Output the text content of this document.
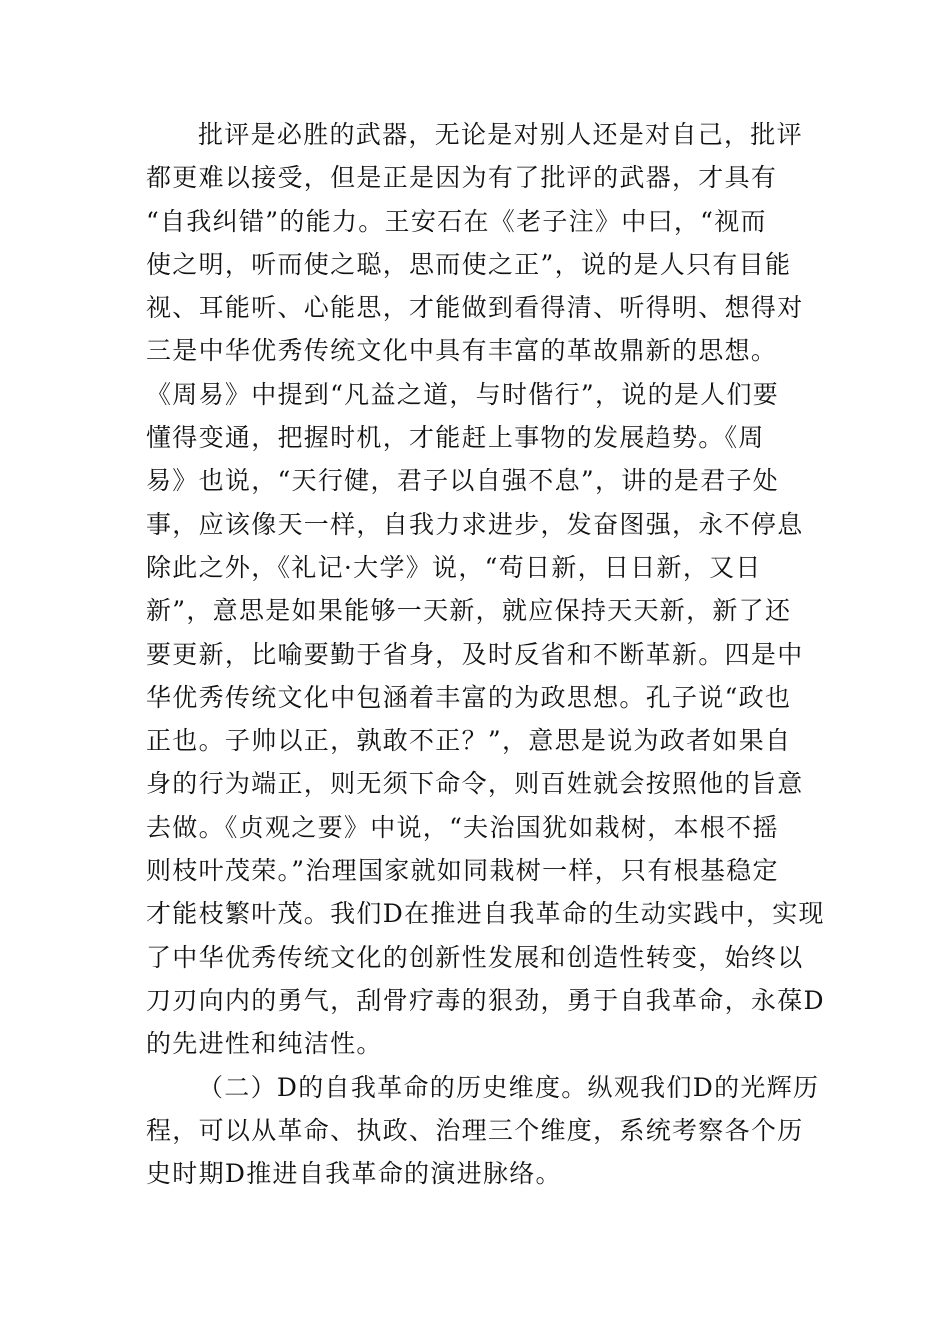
批评是必胜的武器，无论是对别人还是对自己，批评
都更难以接受，但是正是因为有了批评的武器，才具有
“自我纠错”的能力。王安石在《老子注》中曰，“视而
使之明，听而使之聪，思而使之正”，说的是人只有目能
视、耳能听、心能思，才能做到看得清、听得明、想得对
三是中华优秀传统文化中具有丰富的革故鼎新的思想。
《周易》中提到“凡益之道，与时偕行”，说的是人们要
懂得变通，把握时机，才能赶上事物的发展趋势。《周
易》也说，“天行健，君子以自强不息”，讲的是君子处
事，应该像天一样，自我力求进步，发奋图强，永不停息
除此之外，《礼记·大学》说，“苟日新，日日新，又日
新”，意思是如果能够一天新，就应保持天天新，新了还
要更新，比喻要勤于省身，及时反省和不断革新。四是中
华优秀传统文化中包涵着丰富的为政思想。孔子说“政也
正也。子帅以正，孰敢不正？”，意思是说为政者如果自
身的行为端正，则无须下命令，则百姓就会按照他的旨意
去做。《贞观之要》中说，“夫治国犹如栽树，本根不摇
则枝叶茂荣。”治理国家就如同栽树一样，只有根基稳定
才能枝繁叶茂。我们D在推进自我革命的生动实践中，实现
了中华优秀传统文化的创新性发展和创造性转变，始终以
刀刃向内的勇气，刮骨疗毒的狠劲，勇于自我革命，永葆D
的先进性和纯洁性。
（二）D的自我革命的历史维度。纵观我们D的光辉历
程，可以从革命、执政、治理三个维度，系统考察各个历
史时期D推进自我革命的演进脉络。
